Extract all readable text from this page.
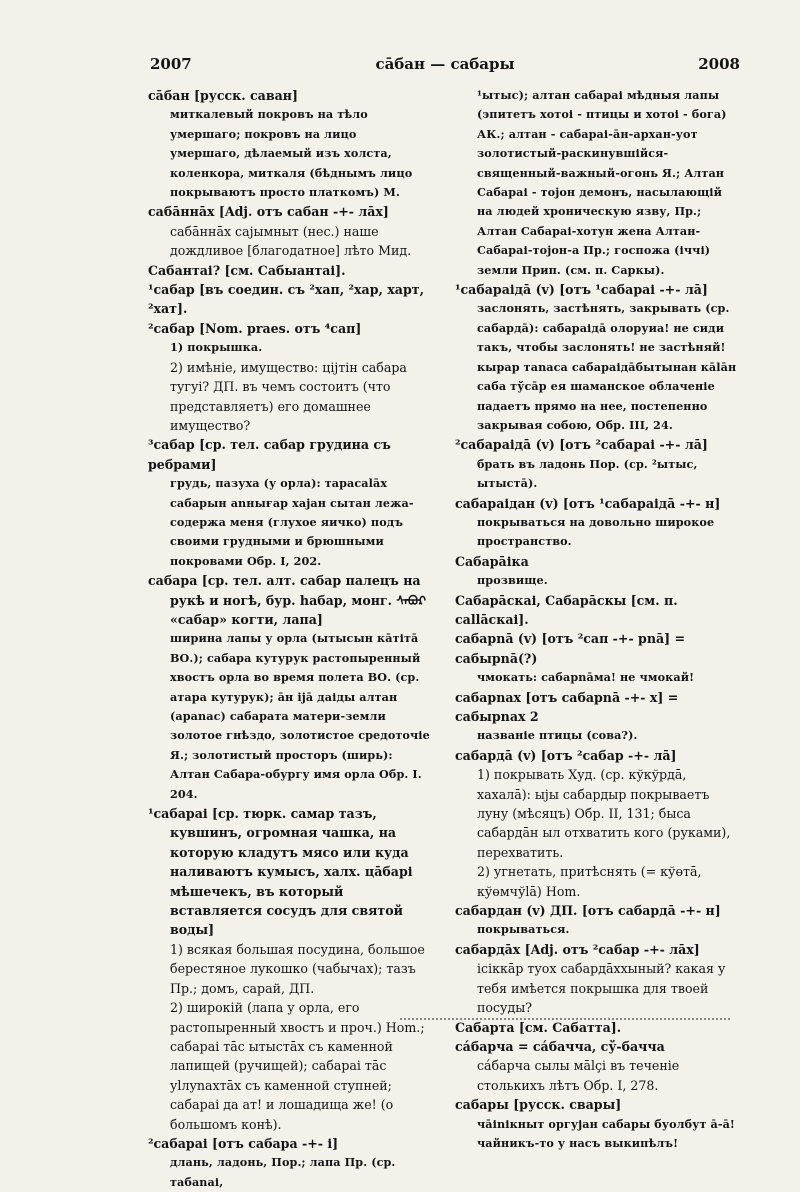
2007	сāбан — сабары	2008

сāбан [русск. саван]

миткалевый покровъ на тѣло умершаго; покровъ на лицо умершаго, дѣлаемый изъ холста, коленкора, миткаля (бѣднымъ лицо покрываютъ просто платкомъ) М.

сабāннāх [Adj. отъ сабан -+- лāх]

сабāннāх сајымныт (нес.) наше дождливое [благодатное] лѣто Мид.

Сабантаі? [см. Сабыантаі].

¹сабар [въ соедин. съ ²хап, ²хар, харт, ²хат].

²сабар [Nom. praes. отъ ⁴сап]

1) покрышка.

2) имѣніе, имущество: ціјтін сабара тугуі? ДП. въ чемъ состоитъ (что представляетъ) его домашнее имущество?

³сабар [ср. тел. сабар грудина съ ребрами]

грудь, пазуха (у орла): тарасаlāх сабарын аnнығар хаjан сытан лежа-содержа меня (глухое яичко) подъ своими грудными и брюшными покровами Обр. І, 202.

сабара [ср. тел. алт. сабар палецъ на рукѣ и ногѣ, бур. һабар, монг. ᠰᠠᠪᠤᠷ «сабар» когти, лапа]

ширина лапы у орла (ытысын кāтітā ВО.); сабара кутурук растопыренный хвостъ орла во время полета ВО. (ср. атара кутурук); āн ijā даіды алтан (араnас) сабарата матери-земли золотое гнѣздо, золотистое средоточіе Я.; золотистый просторъ (ширь): Алтан Сабара-обургу имя орла Обр. І. 204.

¹сабараі [ср. тюрк. самар тазъ, кувшинъ, огромная чашка, на которую кладутъ мясо или куда наливаютъ кумысъ, халх. цāбарі мѣшечекъ, въ который вставляется сосудъ для святой воды]

1) всякая большая посудина, большое берестяное лукошко (чабычах); тазъ Пр.; домъ, сарай, ДП.

2) широкій (лапа у орла, его растопыренный хвостъ и проч.) Ноm.; сабараі тāс ытыстāх съ каменной лапищей (ручищей); сабараі тāс уlлуnахтāх съ каменной ступней; сабараі да ат! и лошадища же! (о большомъ конѣ).

²сабараі [отъ сабара -+- і]

длань, ладонь, Пор.; лапа Пр. (ср. табаnаі,

¹ытыс); алтан сабараі мѣдныя лапы (эпитетъ хотоі - птицы и хотоі - бога) АК.; алтан - сабараі-āн-архан-уот золотистый-раскинувшійся-священный-важный-огонь Я.; Алтан Сабараі - тоjон демонъ, насылающій на людей хроническую язву, Пр.; Алтан Сабараі-хотун жена Алтан-Сабараі-тоjон-а Пр.; госпожа (іччі) земли Прип. (см. п. Саркы).

¹сабараідā (v) [отъ ¹сабараі -+- лā]

заслонять, застѣнять, закрывать (ср. сабардā): сабараідā олоруиа! не сиди такъ, чтобы заслонять! не застѣняй! кырар таnаса сабараідāбытынан кālāн саба тўсāр ея шаманское облаченіе падаетъ прямо на нее, постепенно закрывая собою, Обр. ІІІ, 24.

²сабараідā (v) [отъ ²сабараі -+- лā]

брать въ ладонь Пор. (ср. ²ытыс, ытыстā).

сабараідан (v) [отъ ¹сабараідā -+- н]

покрываться на довольно широкое пространство.

Сабарāіка

прозвище.

Сабарāскаі, Сабарāскы [см. п. саllāскаі].

сабарnā (v) [отъ ²сап -+- рnā] = сабырnā(?)

чмокать: сабарnāма! не чмокай!

сабарnах [отъ сабарnā -+- х] = сабырnах 2

названіе птицы (сова?).

сабардā (v) [отъ ²сабар -+- лā]

1) покрывать Худ. (ср. кўкўрдā, хахалā): ыjы сабардыр покрываетъ луну (мѣсяцъ) Обр. ІІ, 131; быса сабардāн ыл отхватить кого (руками), перехватить.

2) угнетать, притѣснять (= кўөтā, кўөмчўlā) Ноm.

сабардан (v) ДП. [отъ сабардā -+- н]

покрываться.

сабардāх [Adj. отъ ²сабар -+- лāх]

ісіккāр туох сабардāххыный? какая у тебя имѣется покрышка для твоей посуды?

Сабарта [см. Сабатта].

сáбарча = сáбачча, сў-бачча

сáбарча сылы мālçi въ теченіе столькихъ лѣтъ Обр. І, 278.

сабары [русск. свары]

чāіnікныт оргујан сабары буолбут ā-ā! чайникъ-то у насъ выкипѣлъ!
